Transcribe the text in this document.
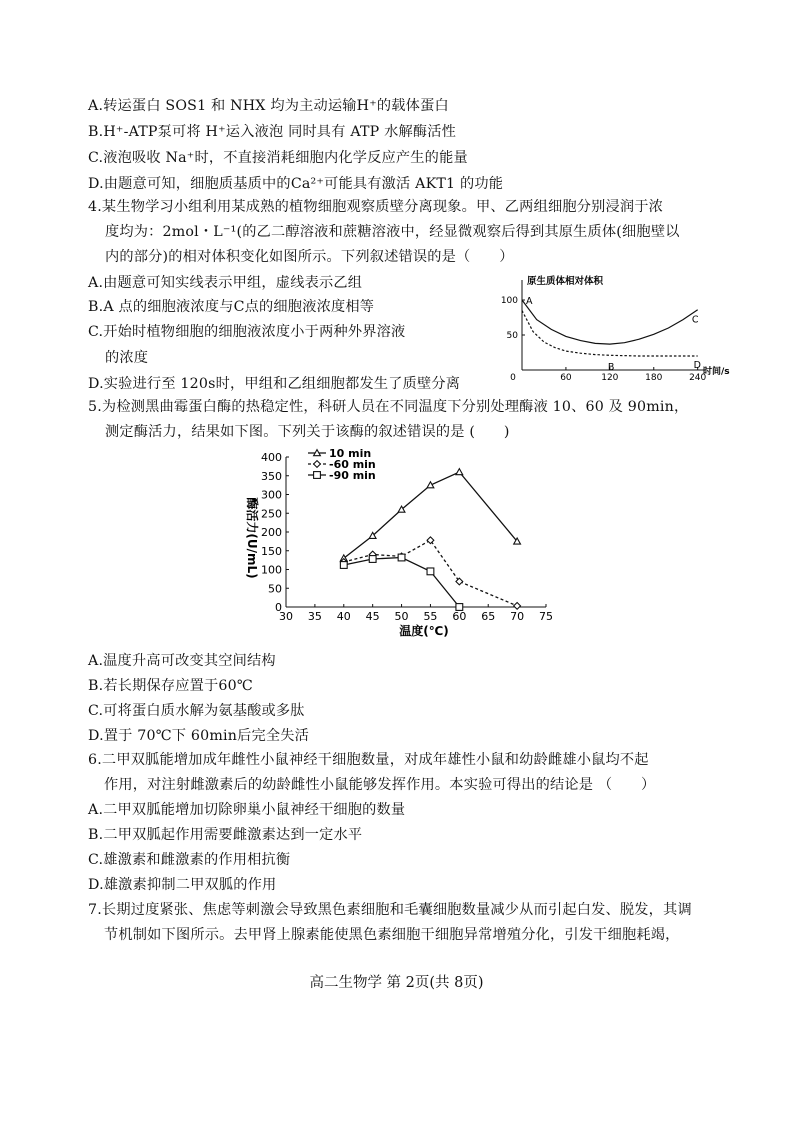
A.转运蛋白 SOS1 和 NHX 均为主动运输H⁺的载体蛋白
B.H⁺-ATP泵可将 H⁺运入液泡 同时具有 ATP 水解酶活性
C.液泡吸收 Na⁺时，不直接消耗细胞内化学反应产生的能量
D.由题意可知，细胞质基质中的Ca²⁺可能具有激活 AKT1 的功能
4.某生物学习小组利用某成熟的植物细胞观察质壁分离现象。甲、乙两组细胞分别浸润于浓
度均为：2mol・L⁻¹(的乙二醇溶液和蔗糖溶液中，经显微观察后得到其原生质体(细胞壁以
内的部分)的相对体积变化如图所示。下列叙述错误的是（　　）
A.由题意可知实线表示甲组，虚线表示乙组
B.A 点的细胞液浓度与C点的细胞液浓度相等
C.开始时植物细胞的细胞液浓度小于两种外界溶液
的浓度
D.实验进行至 120s时，甲组和乙组细胞都发生了质壁分离	60	120	180	240
0
50
100
原生质体相对体积
时间/s
A
B
C
D
5.为检测黑曲霉蛋白酶的热稳定性，科研人员在不同温度下分别处理酶液 10、60 及 90min，
测定酶活力，结果如下图。下列关于该酶的叙述错误的是 (　　)
30 35 40 45 50 55 60 65 70 75
0
50
100
150
200
250
300
350
400	10 min
-60 min
-90 min
温度(℃)
酶活力(U/mL)
A.温度升高可改变其空间结构
B.若长期保存应置于60℃
C.可将蛋白质水解为氨基酸或多肽
D.置于 70℃下 60min后完全失活
6.二甲双胍能增加成年雌性小鼠神经干细胞数量，对成年雄性小鼠和幼龄雌雄小鼠均不起
作用，对注射雌激素后的幼龄雌性小鼠能够发挥作用。本实验可得出的结论是 （　　）
A.二甲双胍能增加切除卵巢小鼠神经干细胞的数量
B.二甲双胍起作用需要雌激素达到一定水平
C.雄激素和雌激素的作用相抗衡
D.雄激素抑制二甲双胍的作用
7.长期过度紧张、焦虑等刺激会导致黑色素细胞和毛囊细胞数量减少从而引起白发、脱发，其调
节机制如下图所示。去甲肾上腺素能使黑色素细胞干细胞异常增殖分化，引发干细胞耗竭，
高二生物学 第 2页(共 8页)
